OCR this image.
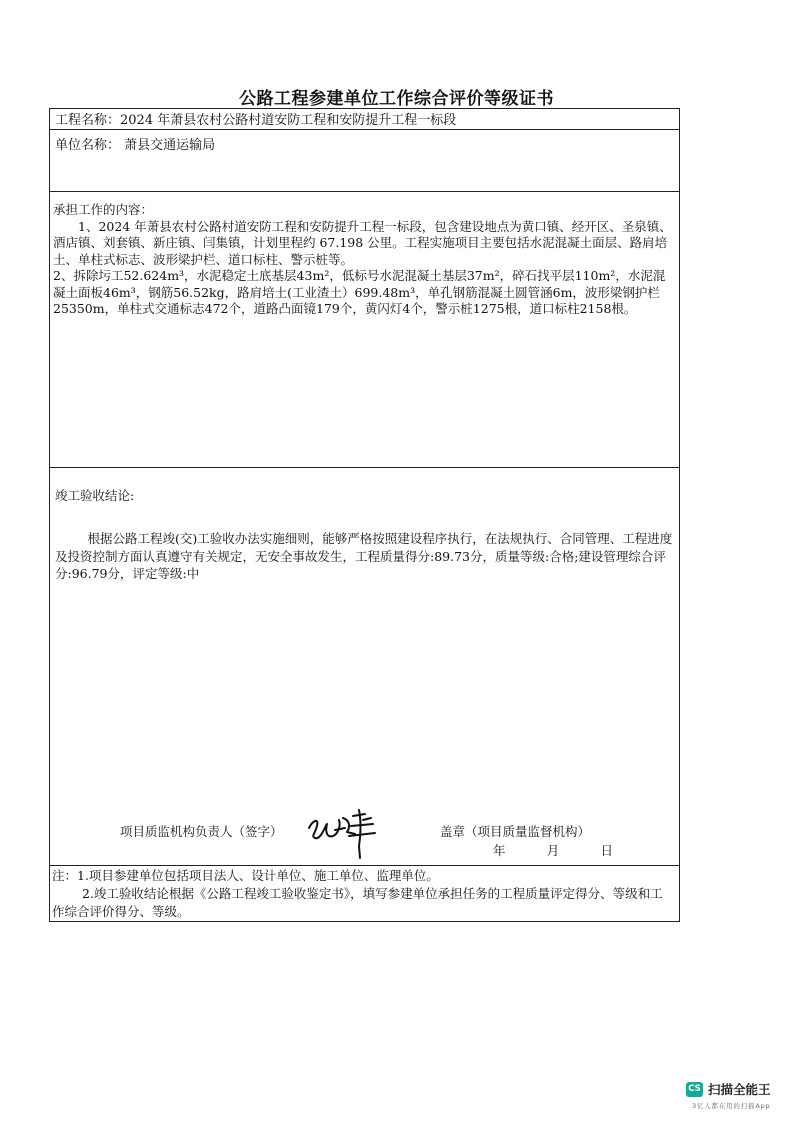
公路工程参建单位工作综合评价等级证书
工程名称：2024 年萧县农村公路村道安防工程和安防提升工程一标段
单位名称： 萧县交通运输局
承担工作的内容：

1、2024 年萧县农村公路村道安防工程和安防提升工程一标段，包含建设地点为黄口镇、经开区、圣泉镇、酒店镇、刘套镇、新庄镇、闫集镇，计划里程约 67.198 公里。工程实施项目主要包括水泥混凝土面层、路肩培土、单柱式标志、波形梁护栏、道口标柱、警示桩等。

2、拆除圬工52.624m³，水泥稳定土底基层43m²，低标号水泥混凝土基层37m²，碎石找平层110m²，水泥混凝土面板46m³，钢筋56.52kg，路肩培土(工业渣土）699.48m³，单孔钢筋混凝土圆管涵6m，波形梁钢护栏25350m，单柱式交通标志472个，道路凸面镜179个，黄闪灯4个，警示桩1275根，道口标柱2158根。

竣工验收结论:

根据公路工程竣(交)工验收办法实施细则，能够严格按照建设程序执行，在法规执行、合同管理、工程进度及投资控制方面认真遵守有关规定，无安全事故发生，工程质量得分:89.73分，质量等级:合格;建设管理综合评分:96.79分，评定等级:中

项目质监机构负责人（签字）	盖章（项目质量监督机构）
年	月	日

注：1.项目参建单位包括项目法人、设计单位、施工单位、监理单位。

2.竣工验收结论根据《公路工程竣工验收鉴定书》，填写参建单位承担任务的工程质量评定得分、等级和工作综合评价得分、等级。

CS 扫描全能王
3亿人都在用的扫描App
